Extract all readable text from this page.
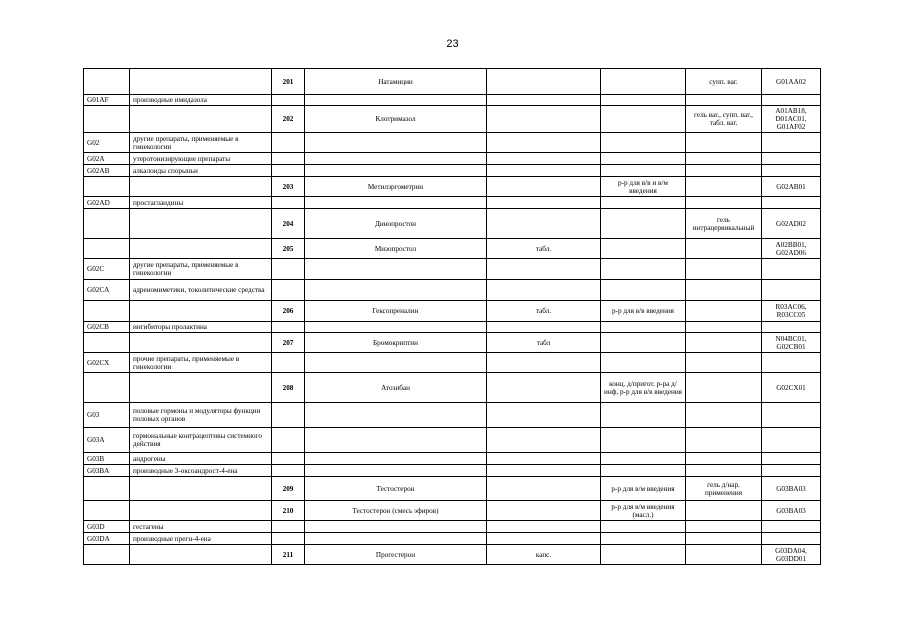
23
		201	Натамицин			супп. ваг.	G01AA02
G01AF	производные имидазола						
		202	Клотримазол			гель ваг., супп. ваг., табл. ваг.	A01AB18, D01AC01, G01AF02
G02	другие препараты, применяемые в гинекологии						
G02A	утеротонизирующие препараты						
G02AB	алкалоиды спорыньи						
		203	Метилэргометрин		р-р для в/в и в/м введения		G02AB01
G02AD	простагландины						
		204	Динопростон			гель интрацервикальный	G02AD02
		205	Мизопростол	табл.			A02BB01, G02AD06
G02C	другие препараты, применяемые в гинекологии						
G02CA	адреномиметики, токолитические средства						
		206	Гексопреналин	табл.	р-р для в/в введения		R03AC06, R03CC05
G02CB	ингибиторы пролактина						
		207	Бромокриптин	табл			N04BC01, G02CB01
G02CX	прочие препараты, применяемые в гинекологии						
		208	Атозибан		конц. д/пригот. р-ра д/инф, р-р для в/в введения		G02CX01
G03	половые гормоны и модуляторы функции половых органов						
G03A	гормональные контрацептивы системного действия						
G03B	андрогены						
G03BA	производные 3-оксоандрост-4-ена						
		209	Тестостерон		р-р для в/м введения	гель д/нар. применения	G03BA03
		210	Тестостерон (смесь эфиров)		р-р для в/м введения (масл.)		G03BA03
G03D	гестагены						
G03DA	производные прегн-4-ена						
		211	Прогестерон	капс.			G03DA04, G03DD01
